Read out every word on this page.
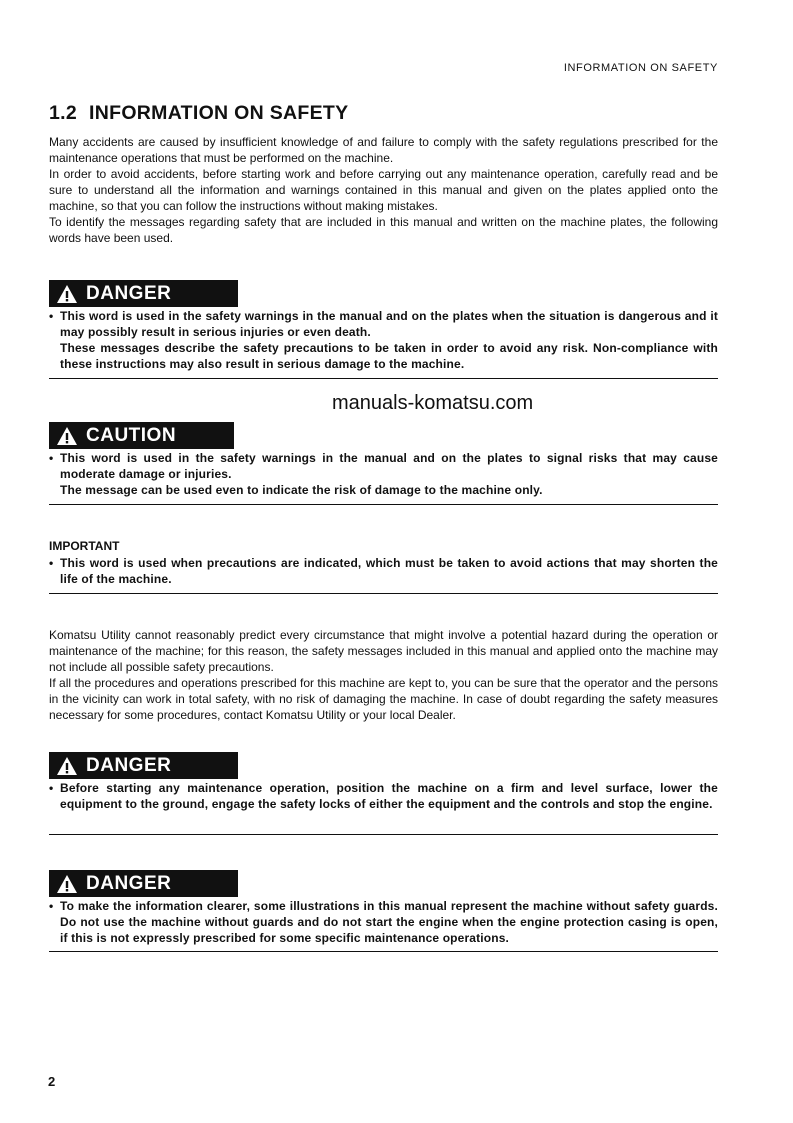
INFORMATION ON SAFETY
1.2 INFORMATION ON SAFETY

Many accidents are caused by insufficient knowledge of and failure to comply with the safety regulations prescribed for the maintenance operations that must be performed on the machine.

In order to avoid accidents, before starting work and before carrying out any maintenance operation, carefully read and be sure to understand all the information and warnings contained in this manual and given on the plates applied onto the machine, so that you can follow the instructions without making mistakes.

To identify the messages regarding safety that are included in this manual and written on the machine plates, the following words have been used.

DANGER
• This word is used in the safety warnings in the manual and on the plates when the situation is dangerous and it may possibly result in serious injuries or even death.
These messages describe the safety precautions to be taken in order to avoid any risk. Non-compliance with these instructions may also result in serious damage to the machine.
manuals-komatsu.com
CAUTION
• This word is used in the safety warnings in the manual and on the plates to signal risks that may cause moderate damage or injuries.
The message can be used even to indicate the risk of damage to the machine only.
IMPORTANT
• This word is used when precautions are indicated, which must be taken to avoid actions that may shorten the life of the machine.

Komatsu Utility cannot reasonably predict every circumstance that might involve a potential hazard during the operation or maintenance of the machine; for this reason, the safety messages included in this manual and applied onto the machine may not include all possible safety precautions.

If all the procedures and operations prescribed for this machine are kept to, you can be sure that the operator and the persons in the vicinity can work in total safety, with no risk of damaging the machine. In case of doubt regarding the safety measures necessary for some procedures, contact Komatsu Utility or your local Dealer.

DANGER
• Before starting any maintenance operation, position the machine on a firm and level surface, lower the equipment to the ground, engage the safety locks of either the equipment and the controls and stop the engine.
DANGER
• To make the information clearer, some illustrations in this manual represent the machine without safety guards. Do not use the machine without guards and do not start the engine when the engine protection casing is open, if this is not expressly prescribed for some specific maintenance operations.
2
